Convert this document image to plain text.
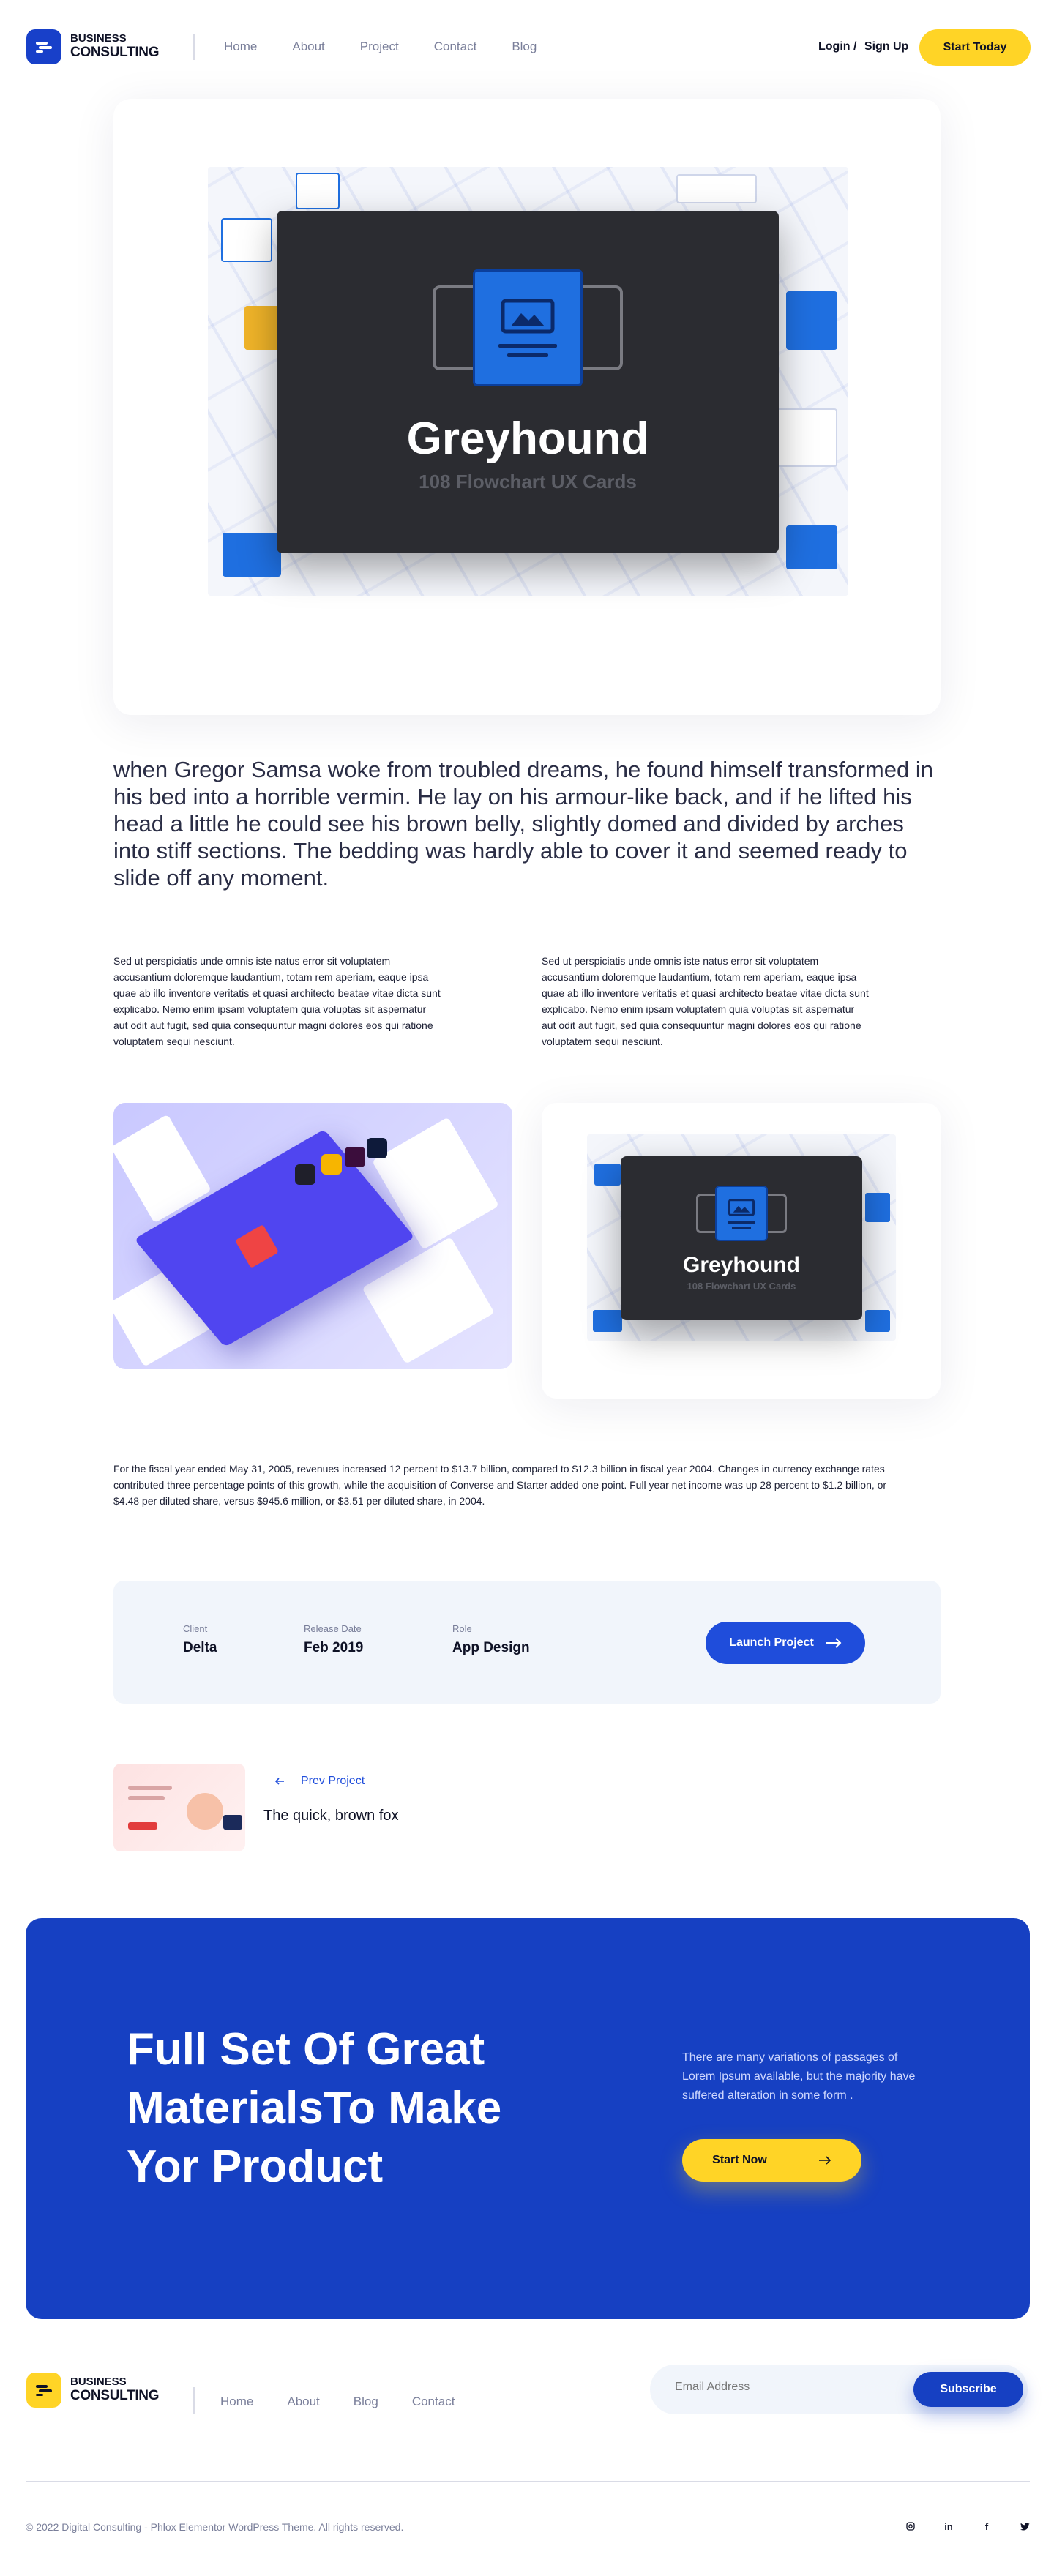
BUSINESS
CONSULTING	Home	About	Project	Contact	Blog	Login / Sign Up	Start Today
Greyhound
108 Flowchart UX Cards
when Gregor Samsa woke from troubled dreams, he found himself transformed in his bed into a horrible vermin. He lay on his armour-like back, and if he lifted his head a little he could see his brown belly, slightly domed and divided by arches into stiff sections. The bedding was hardly able to cover it and seemed ready to slide off any moment.
Sed ut perspiciatis unde omnis iste natus error sit voluptatem accusantium doloremque laudantium, totam rem aperiam, eaque ipsa quae ab illo inventore veritatis et quasi architecto beatae vitae dicta sunt explicabo. Nemo enim ipsam voluptatem quia voluptas sit aspernatur aut odit aut fugit, sed quia consequuntur magni dolores eos qui ratione voluptatem sequi nesciunt.
Sed ut perspiciatis unde omnis iste natus error sit voluptatem accusantium doloremque laudantium, totam rem aperiam, eaque ipsa quae ab illo inventore veritatis et quasi architecto beatae vitae dicta sunt explicabo. Nemo enim ipsam voluptatem quia voluptas sit aspernatur aut odit aut fugit, sed quia consequuntur magni dolores eos qui ratione voluptatem sequi nesciunt.
Greyhound
108 Flowchart UX Cards
For the fiscal year ended May 31, 2005, revenues increased 12 percent to $13.7 billion, compared to $12.3 billion in fiscal year 2004. Changes in currency exchange rates contributed three percentage points of this growth, while the acquisition of Converse and Starter added one point. Full year net income was up 28 percent to $1.2 billion, or $4.48 per diluted share, versus $945.6 million, or $3.51 per diluted share, in 2004.
Client
Delta
Release Date
Feb 2019
Role
App Design	Launch Project
Prev Project
The quick, brown fox
Full Set Of Great
MaterialsTo Make
Yor Product
There are many variations of passages of Lorem Ipsum available, but the majority have suffered alteration in some form .
Start Now
BUSINESS
CONSULTING	Home	About	Blog	Contact
Email Address
Subscribe
© 2022 Digital Consulting - Phlox Elementor WordPress Theme. All rights reserved.	in	f
